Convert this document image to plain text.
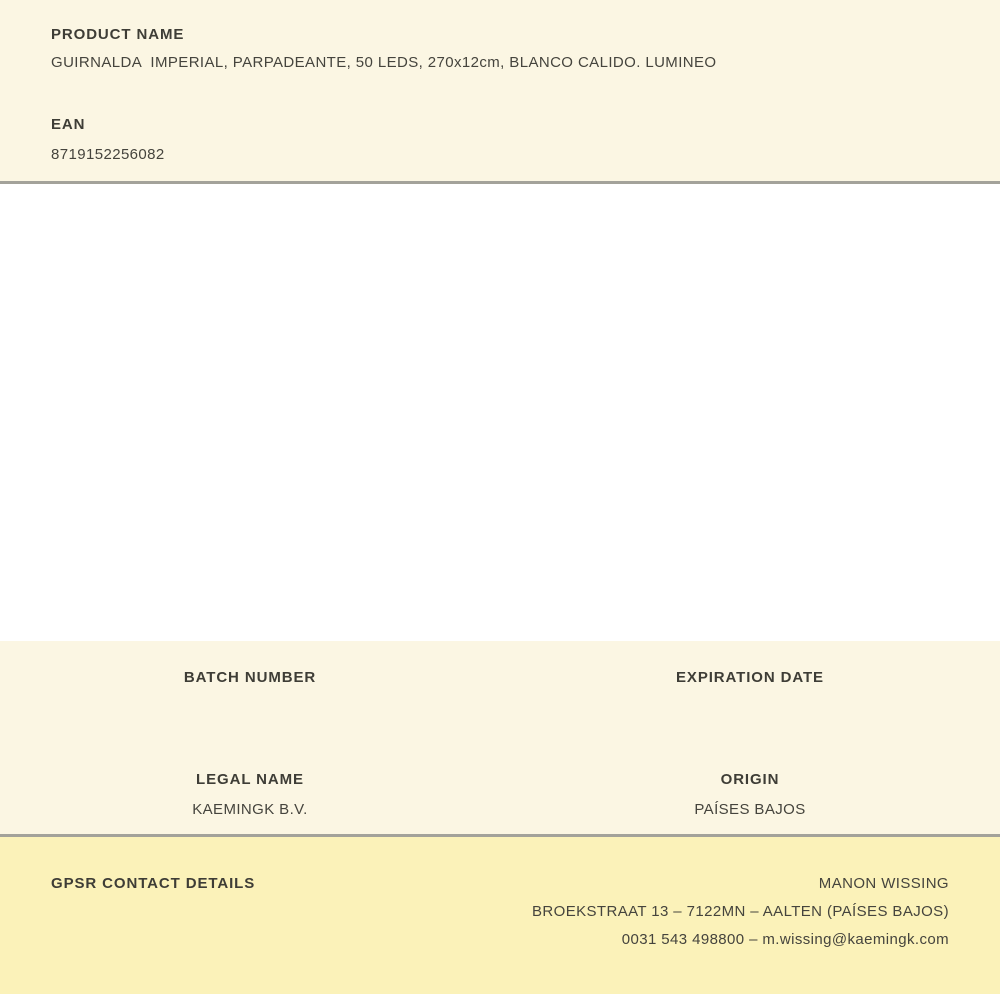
PRODUCT NAME
GUIRNALDA  IMPERIAL, PARPADEANTE, 50 LEDS, 270x12cm, BLANCO CALIDO. LUMINEO
EAN
8719152256082
BATCH NUMBER	EXPIRATION DATE
LEGAL NAME
KAEMINGK B.V.
ORIGIN
PAÍSES BAJOS
GPSR CONTACT DETAILS	MANON WISSING
BROEKSTRAAT 13 – 7122MN – AALTEN (PAÍSES BAJOS)
0031 543 498800 – m.wissing@kaemingk.com
